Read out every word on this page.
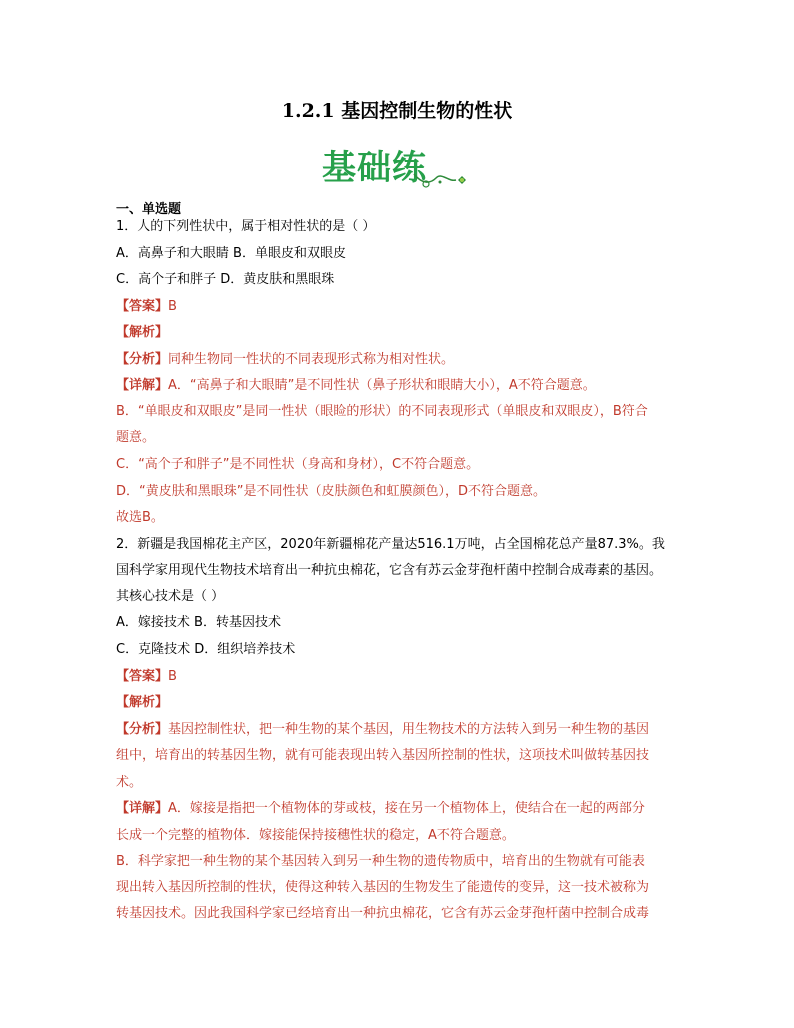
1.2.1 基因控制生物的性状
基础练
一、单选题
1．人的下列性状中，属于相对性状的是（ ）
A．高鼻子和大眼睛 B．单眼皮和双眼皮
C．高个子和胖子 D．黄皮肤和黑眼珠
【答案】B
【解析】
【分析】同种生物同一性状的不同表现形式称为相对性状。
【详解】A．“高鼻子和大眼睛”是不同性状（鼻子形状和眼睛大小），A不符合题意。
B．“单眼皮和双眼皮”是同一性状（眼睑的形状）的不同表现形式（单眼皮和双眼皮），B符合
题意。
C．“高个子和胖子”是不同性状（身高和身材），C不符合题意。
D．“黄皮肤和黑眼珠”是不同性状（皮肤颜色和虹膜颜色），D不符合题意。
故选B。
2．新疆是我国棉花主产区，2020年新疆棉花产量达516.1万吨，占全国棉花总产量87.3%。我
国科学家用现代生物技术培育出一种抗虫棉花，它含有苏云金芽孢杆菌中控制合成毒素的基因。
其核心技术是（ ）
A．嫁接技术 B．转基因技术
C．克隆技术 D．组织培养技术
【答案】B
【解析】
【分析】基因控制性状，把一种生物的某个基因，用生物技术的方法转入到另一种生物的基因
组中，培育出的转基因生物，就有可能表现出转入基因所控制的性状，这项技术叫做转基因技
术。
【详解】A．嫁接是指把一个植物体的芽或枝，接在另一个植物体上，使结合在一起的两部分
长成一个完整的植物体．嫁接能保持接穗性状的稳定，A不符合题意。
B．科学家把一种生物的某个基因转入到另一种生物的遗传物质中，培育出的生物就有可能表
现出转入基因所控制的性状，使得这种转入基因的生物发生了能遗传的变异，这一技术被称为
转基因技术。因此我国科学家已经培育出一种抗虫棉花，它含有苏云金芽孢杆菌中控制合成毒
